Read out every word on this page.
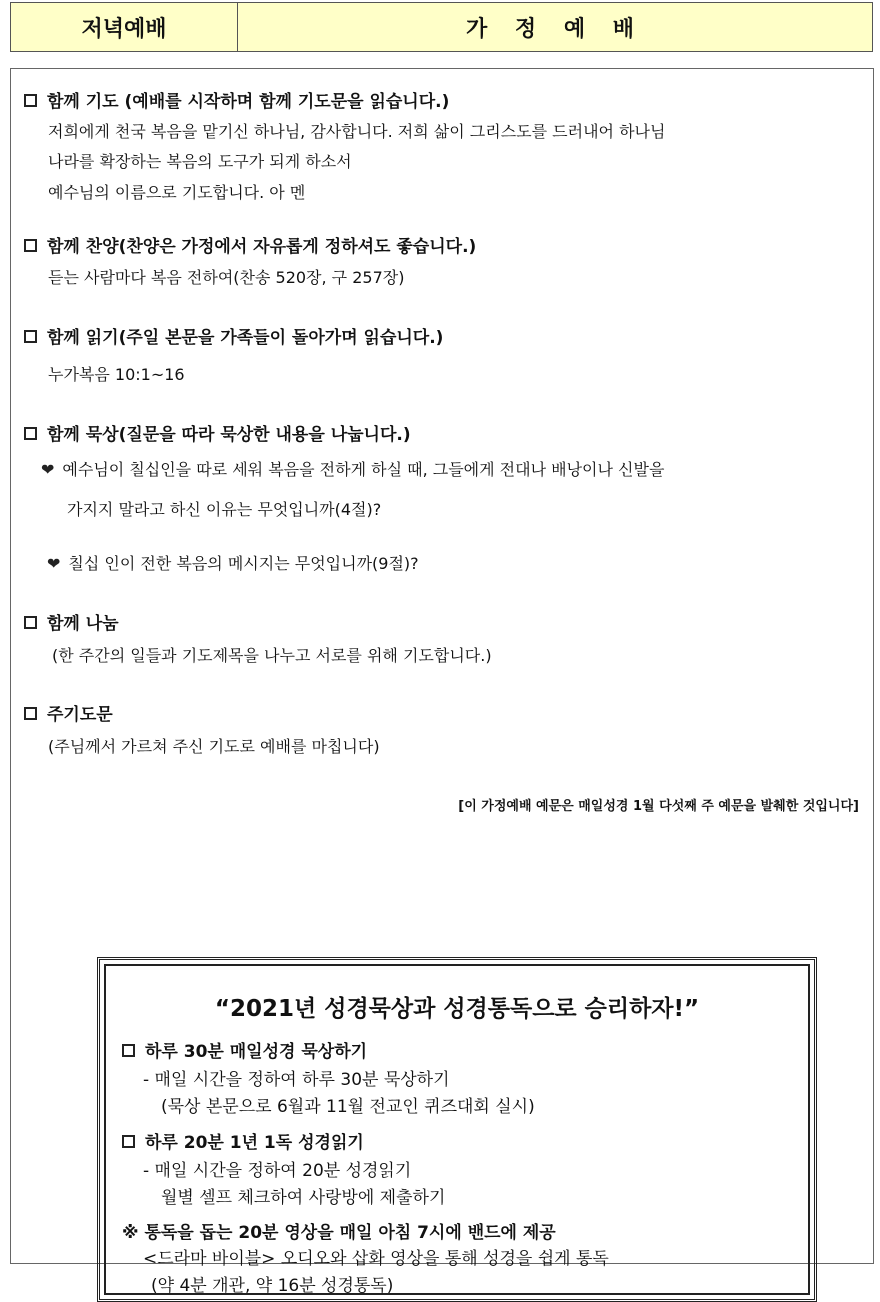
저녁예배	가 정 예 배
함께 기도 (예배를 시작하며 함께 기도문을 읽습니다.)
저희에게 천국 복음을 맡기신 하나님, 감사합니다. 저희 삶이 그리스도를 드러내어 하나님
나라를 확장하는 복음의 도구가 되게 하소서
예수님의 이름으로 기도합니다. 아 멘
함께 찬양(찬양은 가정에서 자유롭게 정하셔도 좋습니다.)
듣는 사람마다 복음 전하여(찬송 520장, 구 257장)
함께 읽기(주일 본문을 가족들이 돌아가며 읽습니다.)
누가복음 10:1~16
함께 묵상(질문을 따라 묵상한 내용을 나눕니다.)
❤ 예수님이 칠십인을 따로 세워 복음을 전하게 하실 때, 그들에게 전대나 배낭이나 신발을
가지지 말라고 하신 이유는 무엇입니까(4절)?
❤ 칠십 인이 전한 복음의 메시지는 무엇입니까(9절)?
함께 나눔
(한 주간의 일들과 기도제목을 나누고 서로를 위해 기도합니다.)
주기도문
(주님께서 가르쳐 주신 기도로 예배를 마칩니다)
[이 가정예배 예문은 매일성경 1월 다섯째 주 예문을 발췌한 것입니다]
“2021년 성경묵상과 성경통독으로 승리하자!”
하루 30분 매일성경 묵상하기
- 매일 시간을 정하여 하루 30분 묵상하기
(묵상 본문으로 6월과 11월 전교인 퀴즈대회 실시)
하루 20분 1년 1독 성경읽기
- 매일 시간을 정하여 20분 성경읽기
월별 셀프 체크하여 사랑방에 제출하기
※ 통독을 돕는 20분 영상을 매일 아침 7시에 밴드에 제공
<드라마 바이블> 오디오와 삽화 영상을 통해 성경을 쉽게 통독
(약 4분 개관, 약 16분 성경통독)
